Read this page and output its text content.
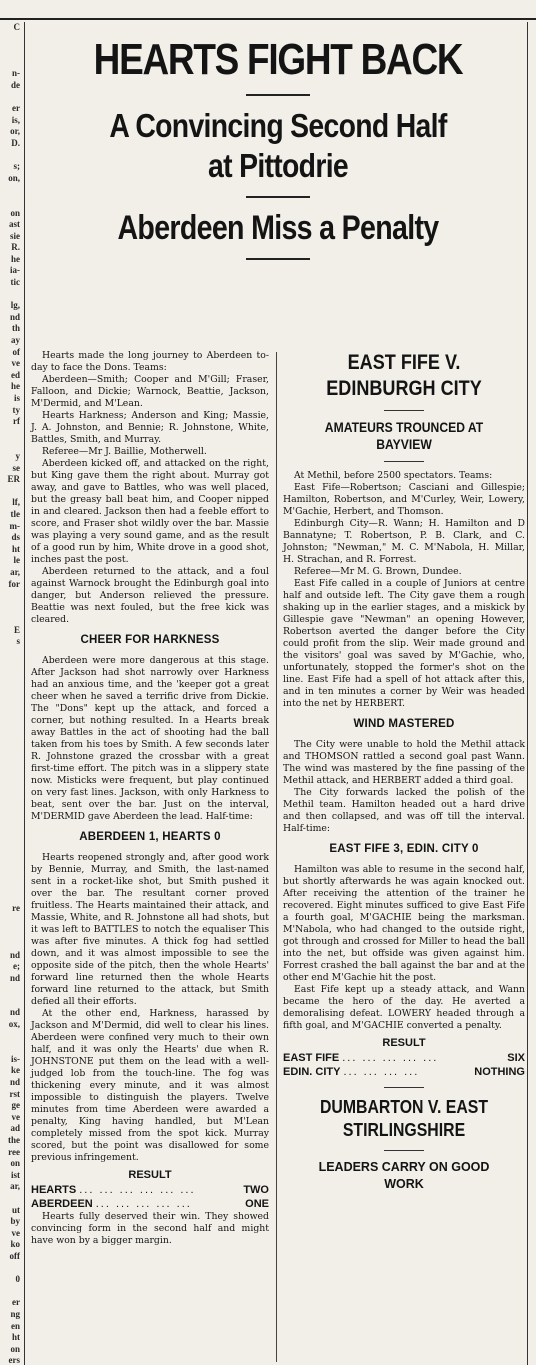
C

n-
de

er
is,
or,
D.

s;
on,

on
ast
sie
R.
he
ia-
tic

lg,
nd
th
ay
of
ve
ed
he
is
ty
rf

y
se
ER

lf,
tle
m-
ds
ht
le
ar,
for

E
s

re

nd
e;
nd

nd
ox,

is-
ke
nd
rst
ge
ve
ad
the
ree
on
ist
ar,

ut
by
ve
ko
off

0

er
ng
en
ht
on
ers
HEARTS FIGHT BACK
A Convincing Second Half
at Pittodrie
Aberdeen Miss a Penalty

Hearts made the long journey to Aberdeen to-day to face the Dons. Teams:

Aberdeen—Smith; Cooper and M'Gill; Fraser, Falloon, and Dickie; Warnock, Beattie, Jackson, M'Dermid, and M'Lean.

Hearts Harkness; Anderson and King; Massie, J. A. Johnston, and Bennie; R. Johnstone, White, Battles, Smith, and Murray.

Referee—Mr J. Baillie, Motherwell.

Aberdeen kicked off, and attacked on the right, but King gave them the right about. Murray got away, and gave to Battles, who was well placed, but the greasy ball beat him, and Cooper nipped in and cleared. Jackson then had a feeble effort to score, and Fraser shot wildly over the bar. Massie was playing a very sound game, and as the result of a good run by him, White drove in a good shot, inches past the post.

Aberdeen returned to the attack, and a foul against Warnock brought the Edinburgh goal into danger, but Anderson relieved the pressure. Beattie was next fouled, but the free kick was cleared.

CHEER FOR HARKNESS

Aberdeen were more dangerous at this stage. After Jackson had shot narrowly over Harkness had an anxious time, and the 'keeper got a great cheer when he saved a terrific drive from Dickie. The "Dons" kept up the attack, and forced a corner, but nothing resulted. In a Hearts break away Battles in the act of shooting had the ball taken from his toes by Smith. A few seconds later R. Johnstone grazed the crossbar with a great first-time effort. The pitch was in a slippery state now. Misticks were frequent, but play continued on very fast lines. Jackson, with only Harkness to beat, sent over the bar. Just on the interval, M'DERMID gave Aberdeen the lead. Half-time:

ABERDEEN 1, HEARTS 0

Hearts reopened strongly and, after good work by Bennie, Murray, and Smith, the last-named sent in a rocket-like shot, but Smith pushed it over the bar. The resultant corner proved fruitless. The Hearts maintained their attack, and Massie, White, and R. Johnstone all had shots, but it was left to BATTLES to notch the equaliser This was after five minutes. A thick fog had settled down, and it was almost impossible to see the opposite side of the pitch, then the whole Hearts' forward line returned then the whole Hearts forward line returned to the attack, but Smith defied all their efforts.

At the other end, Harkness, harassed by Jackson and M'Dermid, did well to clear his lines. Aberdeen were confined very much to their own half, and it was only the Hearts' due when R. JOHNSTONE put them on the lead with a well-judged lob from the touch-line. The fog was thickening every minute, and it was almost impossible to distinguish the players. Twelve minutes from time Aberdeen were awarded a penalty, King having handled, but M'Lean completely missed from the spot kick. Murray scored, but the point was disallowed for some previous infringement.

RESULT
HEARTS ... ... ... ... ... ...	TWO
ABERDEEN ... ... ... ... ...	ONE

Hearts fully deserved their win. They showed convincing form in the second half and might have won by a bigger margin.

EAST FIFE V.
EDINBURGH CITY
AMATEURS TROUNCED AT
BAYVIEW

At Methil, before 2500 spectators. Teams:

East Fife—Robertson; Casciani and Gillespie; Hamilton, Robertson, and M'Curley, Weir, Lowery, M'Gachie, Herbert, and Thomson.

Edinburgh City—R. Wann; H. Hamilton and D Bannatyne; T. Robertson, P. B. Clark, and C. Johnston; "Newman," M. C. M'Nabola, H. Millar, H. Strachan, and R. Forrest.

Referee—Mr M. G. Brown, Dundee.

East Fife called in a couple of Juniors at centre half and outside left. The City gave them a rough shaking up in the earlier stages, and a miskick by Gillespie gave "Newman" an opening However, Robertson averted the danger before the City could profit from the slip. Weir made ground and the visitors' goal was saved by M'Gachie, who, unfortunately, stopped the former's shot on the line. East Fife had a spell of hot attack after this, and in ten minutes a corner by Weir was headed into the net by HERBERT.

WIND MASTERED

The City were unable to hold the Methil attack and THOMSON rattled a second goal past Wann. The wind was mastered by the fine passing of the Methil attack, and HERBERT added a third goal.

The City forwards lacked the polish of the Methil team. Hamilton headed out a hard drive and then collapsed, and was off till the interval. Half-time:

EAST FIFE 3, EDIN. CITY 0

Hamilton was able to resume in the second half, but shortly afterwards he was again knocked out. After receiving the attention of the trainer he recovered. Eight minutes sufficed to give East Fife a fourth goal, M'GACHIE being the marksman. M'Nabola, who had changed to the outside right, got through and crossed for Miller to head the ball into the net, but offside was given against him. Forrest crashed the ball against the bar and at the other end M'Gachie hit the post.

East Fife kept up a steady attack, and Wann became the hero of the day. He averted a demoralising defeat. LOWERY headed through a fifth goal, and M'GACHIE converted a penalty.

RESULT
EAST FIFE ... ... ... ... ...	SIX
EDIN. CITY ... ... ... ...	NOTHING
DUMBARTON V. EAST
STIRLINGSHIRE
LEADERS CARRY ON GOOD
WORK
